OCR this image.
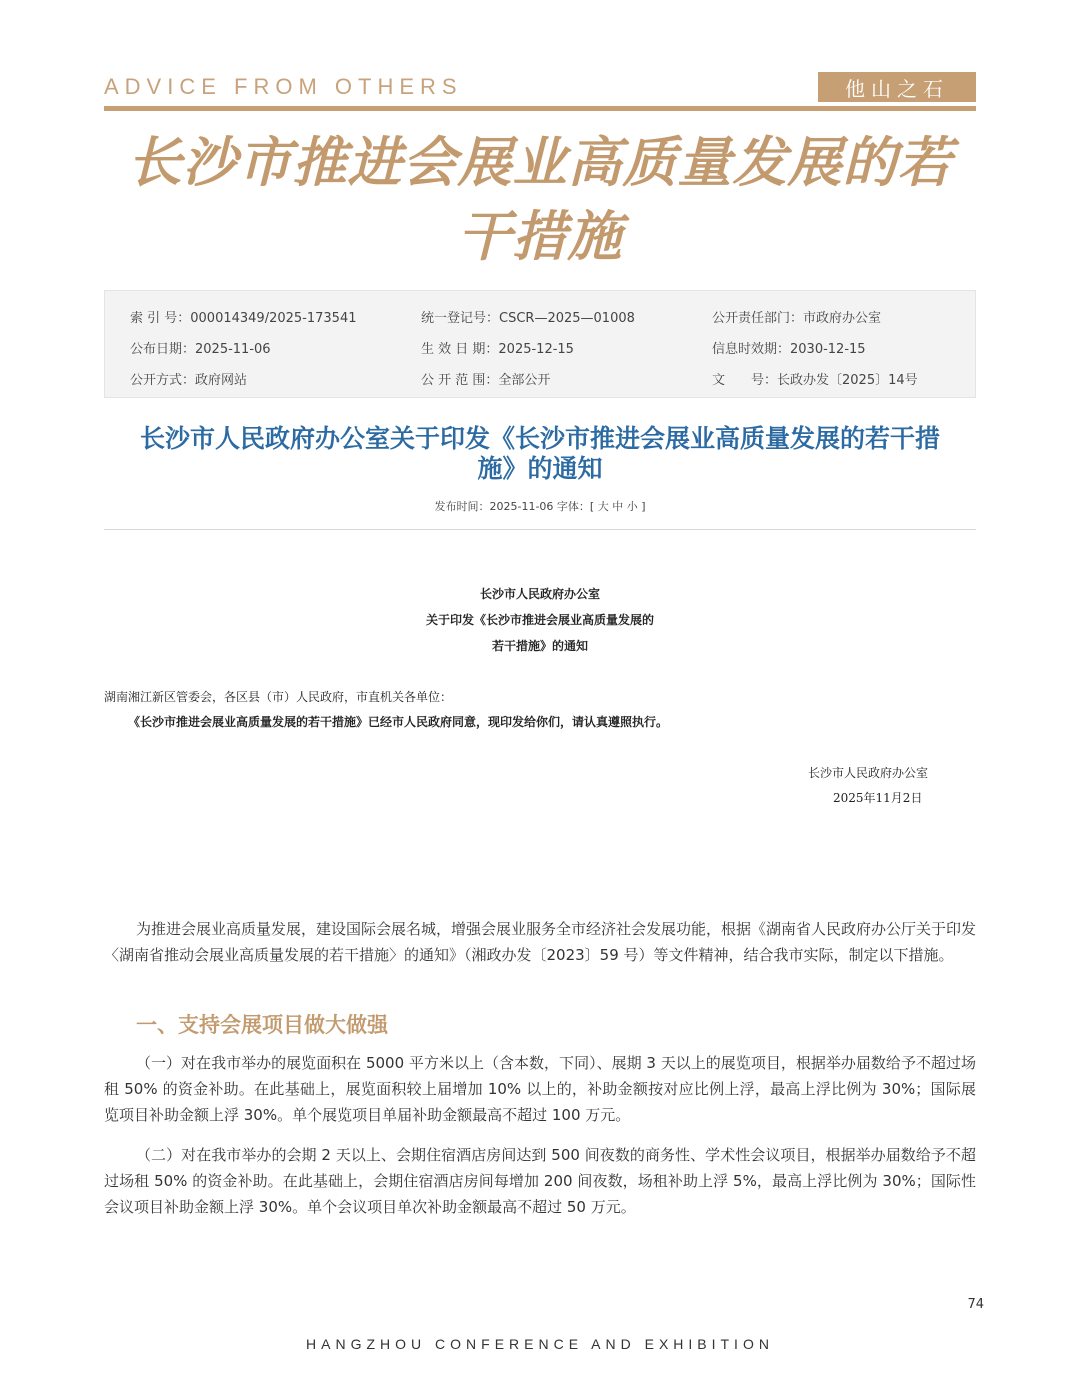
ADVICE FROM OTHERS	他山之石
长沙市推进会展业高质量发展的若
干措施
索 引 号：000014349/2025-173541	统一登记号：CSCR—2025—01008	公开责任部门：市政府办公室
公布日期：2025-11-06	生 效 日 期：2025-12-15	信息时效期：2030-12-15
公开方式：政府网站	公 开 范 围：全部公开	文　　号：长政办发〔2025〕14号
长沙市人民政府办公室关于印发《长沙市推进会展业高质量发展的若干措
施》的通知
发布时间：2025-11-06 字体：[ 大 中 小 ]
长沙市人民政府办公室
关于印发《长沙市推进会展业高质量发展的
若干措施》的通知
湖南湘江新区管委会，各区县（市）人民政府，市直机关各单位：
《长沙市推进会展业高质量发展的若干措施》已经市人民政府同意，现印发给你们，请认真遵照执行。
长沙市人民政府办公室
2025年11月2日

为推进会展业高质量发展，建设国际会展名城，增强会展业服务全市经济社会发展功能，根据《湖南省人民政府办公厅关于印发〈湖南省推动会展业高质量发展的若干措施〉的通知》（湘政办发〔2023〕59 号）等文件精神，结合我市实际，制定以下措施。

一、支持会展项目做大做强

（一）对在我市举办的展览面积在 5000 平方米以上（含本数，下同）、展期 3 天以上的展览项目，根据举办届数给予不超过场租 50% 的资金补助。在此基础上，展览面积较上届增加 10% 以上的，补助金额按对应比例上浮，最高上浮比例为 30%；国际展览项目补助金额上浮 30%。单个展览项目单届补助金额最高不超过 100 万元。

（二）对在我市举办的会期 2 天以上、会期住宿酒店房间达到 500 间夜数的商务性、学术性会议项目，根据举办届数给予不超过场租 50% 的资金补助。在此基础上，会期住宿酒店房间每增加 200 间夜数，场租补助上浮 5%，最高上浮比例为 30%；国际性会议项目补助金额上浮 30%。单个会议项目单次补助金额最高不超过 50 万元。

74
HANGZHOU CONFERENCE AND EXHIBITION
